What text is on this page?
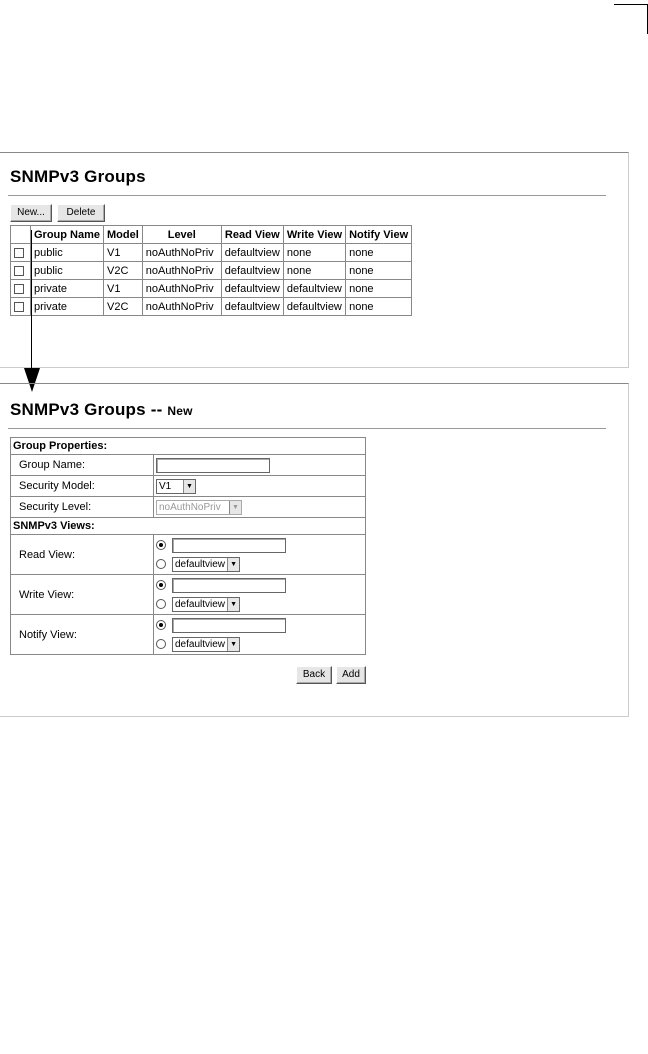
SNMPv3 Groups
New...	Delete
	Group Name	Model	Level	Read View	Write View	Notify View
	public	V1	noAuthNoPriv	defaultview	none	none
	public	V2C	noAuthNoPriv	defaultview	none	none
	private	V1	noAuthNoPriv	defaultview	defaultview	none
	private	V2C	noAuthNoPriv	defaultview	defaultview	none
SNMPv3 Groups -- New
Back	Add
Group Properties:	
Group Name:	
Security Model:	V1 ▼

Security Level:	noAuthNoPriv ▼

SNMPv3 Views:	
Read View:	defaultview ▼

Write View:	defaultview ▼

Notify View:	defaultview ▼
